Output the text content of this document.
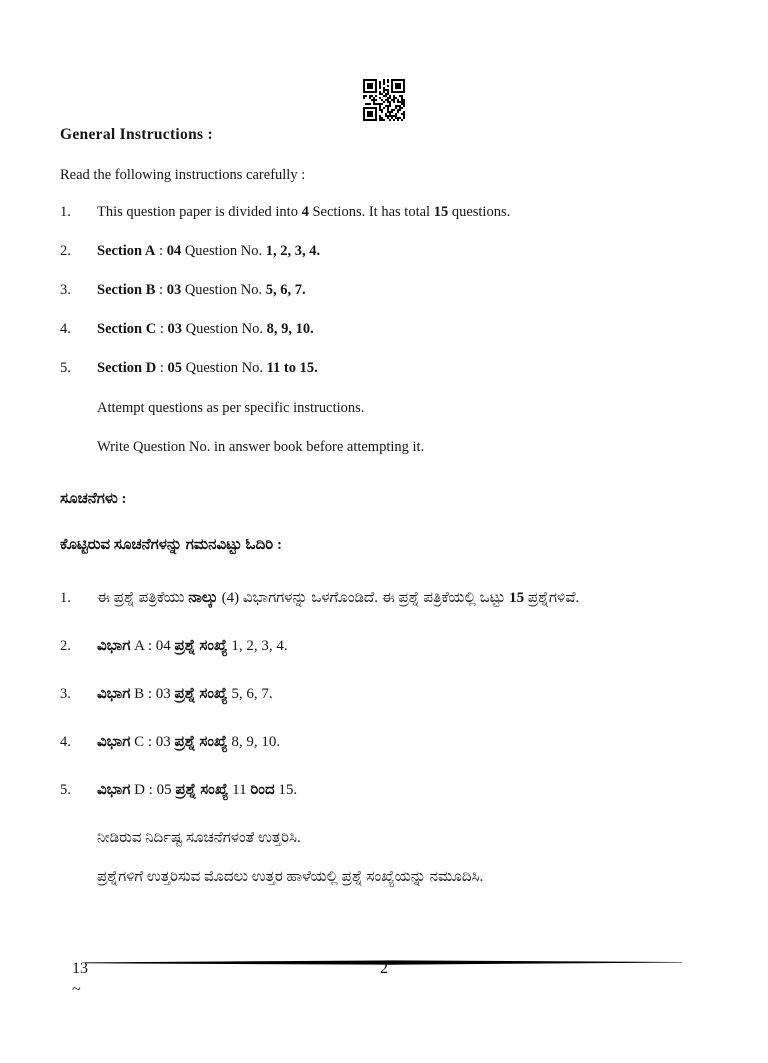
General Instructions :
Read the following instructions carefully :
1.	This question paper is divided into 4 Sections. It has total 15 questions.
2.	Section A : 04 Question No. 1, 2, 3, 4.
3.	Section B : 03 Question No. 5, 6, 7.
4.	Section C : 03 Question No. 8, 9, 10.
5.	Section D : 05 Question No. 11 to 15.
Attempt questions as per specific instructions.
Write Question No. in answer book before attempting it.
ಸೂಚನೆಗಳು :
ಕೊಟ್ಟಿರುವ ಸೂಚನೆಗಳನ್ನು ಗಮನವಿಟ್ಟು ಓದಿರಿ :
1.	ಈ ಪ್ರಶ್ನೆ ಪತ್ರಿಕೆಯು ನಾಲ್ಕು (4) ವಿಭಾಗಗಳನ್ನು ಒಳಗೊಂಡಿದೆ. ಈ ಪ್ರಶ್ನೆ ಪತ್ರಿಕೆಯಲ್ಲಿ ಒಟ್ಟು 15 ಪ್ರಶ್ನೆಗಳಿವೆ.
2.	ವಿಭಾಗ A : 04 ಪ್ರಶ್ನೆ ಸಂಖ್ಯೆ 1, 2, 3, 4.
3.	ವಿಭಾಗ B : 03 ಪ್ರಶ್ನೆ ಸಂಖ್ಯೆ 5, 6, 7.
4.	ವಿಭಾಗ C : 03 ಪ್ರಶ್ನೆ ಸಂಖ್ಯೆ 8, 9, 10.
5.	ವಿಭಾಗ D : 05 ಪ್ರಶ್ನೆ ಸಂಖ್ಯೆ 11 ರಿಂದ 15.
ನೀಡಿರುವ ನಿರ್ದಿಷ್ಟ ಸೂಚನೆಗಳಂತೆ ಉತ್ತರಿಸಿ.
ಪ್ರಶ್ನೆಗಳಿಗೆ ಉತ್ತರಿಸುವ ಮೊದಲು ಉತ್ತರ ಹಾಳೆಯಲ್ಲಿ ಪ್ರಶ್ನೆ ಸಂಖ್ಯೆಯನ್ನು ನಮೂದಿಸಿ.
13	2
~
